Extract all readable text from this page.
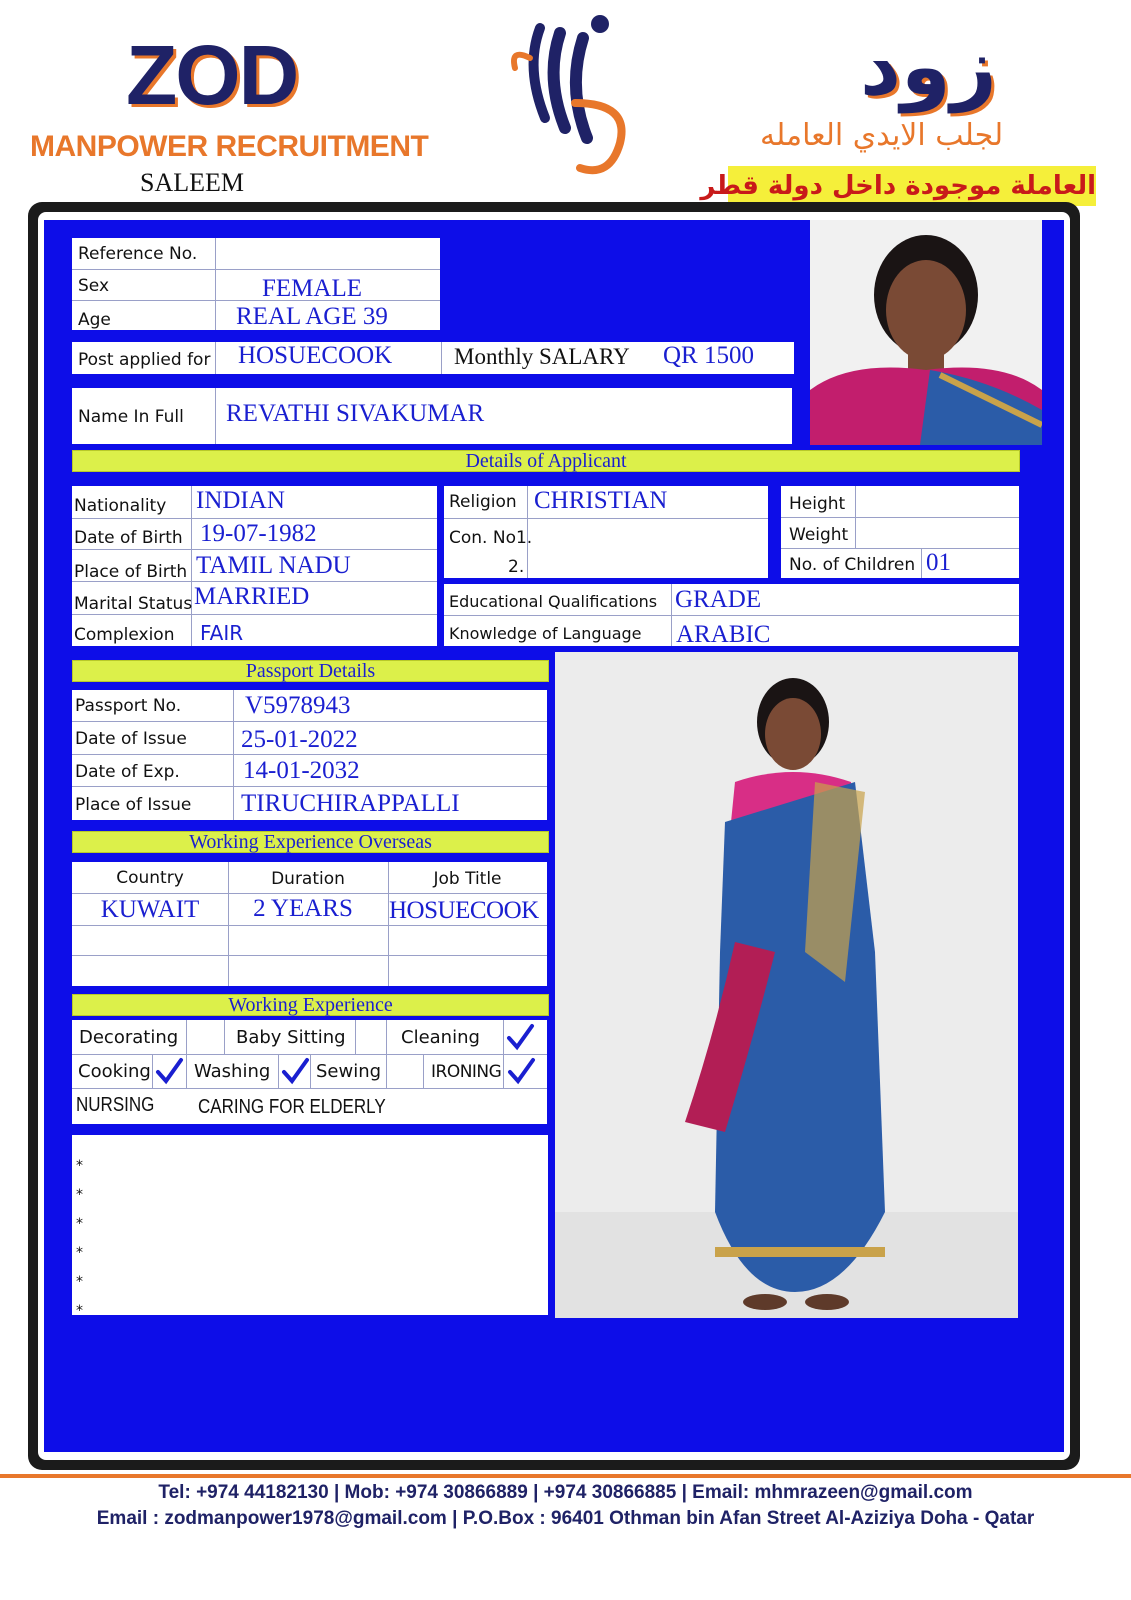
ZOD
MANPOWER RECRUITMENT
SALEEM
زود
لجلب الايدي العامله
العاملة موجودة داخل دولة قطر
Reference No.
Sex	FEMALE
Age	REAL AGE 39
Post applied for HOSUECOOK	Monthly SALARY QR 1500
Name In Full REVATHI SIVAKUMAR
Details of Applicant
Nationality INDIAN
Date of Birth 19-07-1982
Place of Birth TAMIL NADU
Marital Status MARRIED
Complexion FAIR
Religion CHRISTIAN
Con. No1.
2.
Height
Weight
No. of Children 01
Educational Qualifications GRADE
Knowledge of Language ARABIC
Passport Details
Passport No.	V5978943
Date of Issue 25-01-2022
Date of Exp.	14-01-2032
Place of Issue TIRUCHIRAPPALLI
Working Experience Overseas
Country	Duration	Job Title
KUWAIT	2 YEARS	HOSUECOOK
Working Experience
Decorating	Baby Sitting	Cleaning
Cooking Washing	Sewing	IRONING
NURSING CARING FOR ELDERLY
*
*
*
*
*
*
Tel: +974 44182130 | Mob: +974 30866889 | +974 30866885 | Email: mhmrazeen@gmail.com
Email : zodmanpower1978@gmail.com | P.O.Box : 96401 Othman bin Afan Street Al-Aziziya Doha - Qatar
